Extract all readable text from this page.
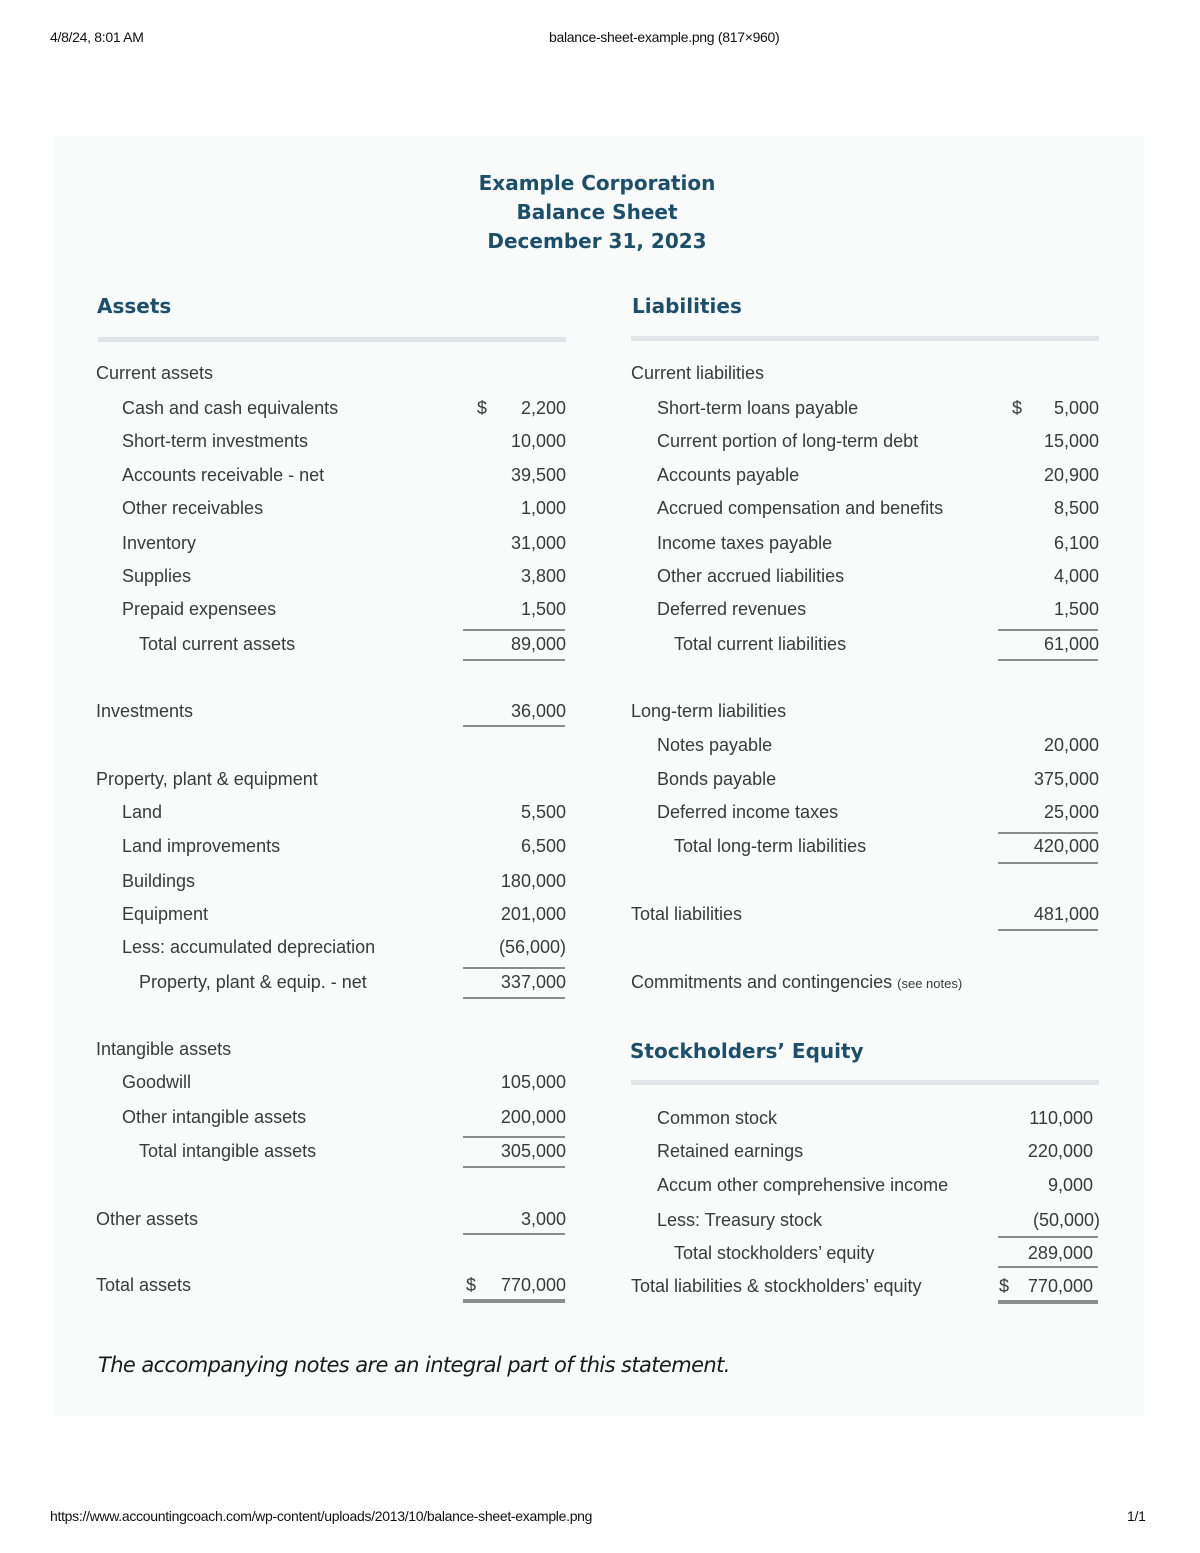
4/8/24, 8:01 AM	balance-sheet-example.png (817×960)
Example Corporation
Balance Sheet
December 31, 2023
Assets
Current assets
Cash and cash equivalents	$ 2,200
Short-term investments	10,000
Accounts receivable - net	39,500
Other receivables	1,000
Inventory	31,000
Supplies	3,800
Prepaid expensees	1,500
Total current assets	89,000
Investments	36,000
Property, plant & equipment
Land	5,500
Land improvements	6,500
Buildings	180,000
Equipment	201,000
Less: accumulated depreciation	(56,000)
Property, plant & equip. - net	337,000
Intangible assets
Goodwill	105,000
Other intangible assets	200,000
Total intangible assets	305,000
Other assets	3,000
Total assets	$ 770,000
Liabilities
Current liabilities
Short-term loans payable	$ 5,000
Current portion of long-term debt	15,000
Accounts payable	20,900
Accrued compensation and benefits	8,500
Income taxes payable	6,100
Other accrued liabilities	4,000
Deferred revenues	1,500
Total current liabilities	61,000
Long-term liabilities
Notes payable	20,000
Bonds payable	375,000
Deferred income taxes	25,000
Total long-term liabilities	420,000
Total liabilities	481,000
Commitments and contingencies (see notes)
Stockholders’ Equity
Common stock	110,000
Retained earnings	220,000
Accum other comprehensive income	9,000
Less: Treasury stock	(50,000)
Total stockholders’ equity	289,000
Total liabilities & stockholders’ equity	$ 770,000
The accompanying notes are an integral part of this statement.
https://www.accountingcoach.com/wp-content/uploads/2013/10/balance-sheet-example.png	1/1
